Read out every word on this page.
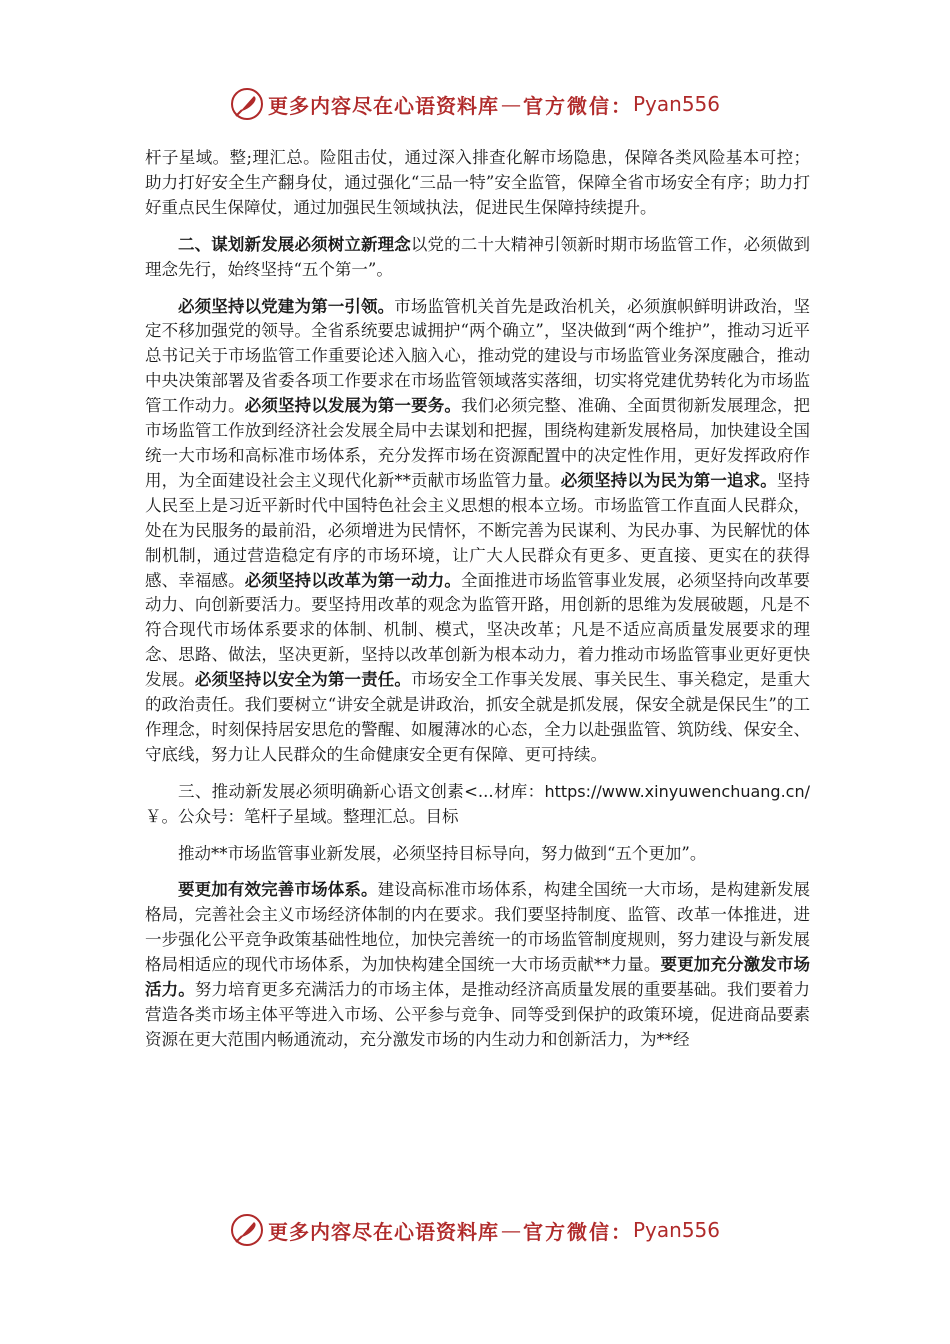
更多内容尽在心语资料库 — 官方微信： Pyan556

杆子星域。整;理汇总。险阻击仗，通过深入排查化解市场隐患，保障各类风险基本可控；助力打好安全生产翻身仗，通过强化“三品一特”安全监管，保障全省市场安全有序；助力打好重点民生保障仗，通过加强民生领域执法，促进民生保障持续提升。

二、谋划新发展必须树立新理念以党的二十大精神引领新时期市场监管工作，必须做到理念先行，始终坚持“五个第一”。

必须坚持以党建为第一引领。市场监管机关首先是政治机关，必须旗帜鲜明讲政治，坚定不移加强党的领导。全省系统要忠诚拥护“两个确立”，坚决做到“两个维护”，推动习近平总书记关于市场监管工作重要论述入脑入心，推动党的建设与市场监管业务深度融合，推动中央决策部署及省委各项工作要求在市场监管领域落实落细，切实将党建优势转化为市场监管工作动力。必须坚持以发展为第一要务。我们必须完整、准确、全面贯彻新发展理念，把市场监管工作放到经济社会发展全局中去谋划和把握，围绕构建新发展格局，加快建设全国统一大市场和高标准市场体系，充分发挥市场在资源配置中的决定性作用，更好发挥政府作用，为全面建设社会主义现代化新**贡献市场监管力量。必须坚持以为民为第一追求。坚持人民至上是习近平新时代中国特色社会主义思想的根本立场。市场监管工作直面人民群众，处在为民服务的最前沿，必须增进为民情怀，不断完善为民谋利、为民办事、为民解忧的体制机制，通过营造稳定有序的市场环境，让广大人民群众有更多、更直接、更实在的获得感、幸福感。必须坚持以改革为第一动力。全面推进市场监管事业发展，必须坚持向改革要动力、向创新要活力。要坚持用改革的观念为监管开路，用创新的思维为发展破题，凡是不符合现代市场体系要求的体制、机制、模式，坚决改革；凡是不适应高质量发展要求的理念、思路、做法，坚决更新，坚持以改革创新为根本动力，着力推动市场监管事业更好更快发展。必须坚持以安全为第一责任。市场安全工作事关发展、事关民生、事关稳定，是重大的政治责任。我们要树立“讲安全就是讲政治，抓安全就是抓发展，保安全就是保民生”的工作理念，时刻保持居安思危的警醒、如履薄冰的心态，全力以赴强监管、筑防线、保安全、守底线，努力让人民群众的生命健康安全更有保障、更可持续。

三、推动新发展必须明确新心语文创素<...材库：https://www.xinyuwenchuang.cn/￥。公众号：笔杆子星域。整理汇总。目标

推动**市场监管事业新发展，必须坚持目标导向，努力做到“五个更加”。

要更加有效完善市场体系。建设高标准市场体系，构建全国统一大市场，是构建新发展格局，完善社会主义市场经济体制的内在要求。我们要坚持制度、监管、改革一体推进，进一步强化公平竞争政策基础性地位，加快完善统一的市场监管制度规则，努力建设与新发展格局相适应的现代市场体系，为加快构建全国统一大市场贡献**力量。要更加充分激发市场活力。努力培育更多充满活力的市场主体，是推动经济高质量发展的重要基础。我们要着力营造各类市场主体平等进入市场、公平参与竞争、同等受到保护的政策环境，促进商品要素资源在更大范围内畅通流动，充分激发市场的内生动力和创新活力，为**经

更多内容尽在心语资料库 — 官方微信： Pyan556
